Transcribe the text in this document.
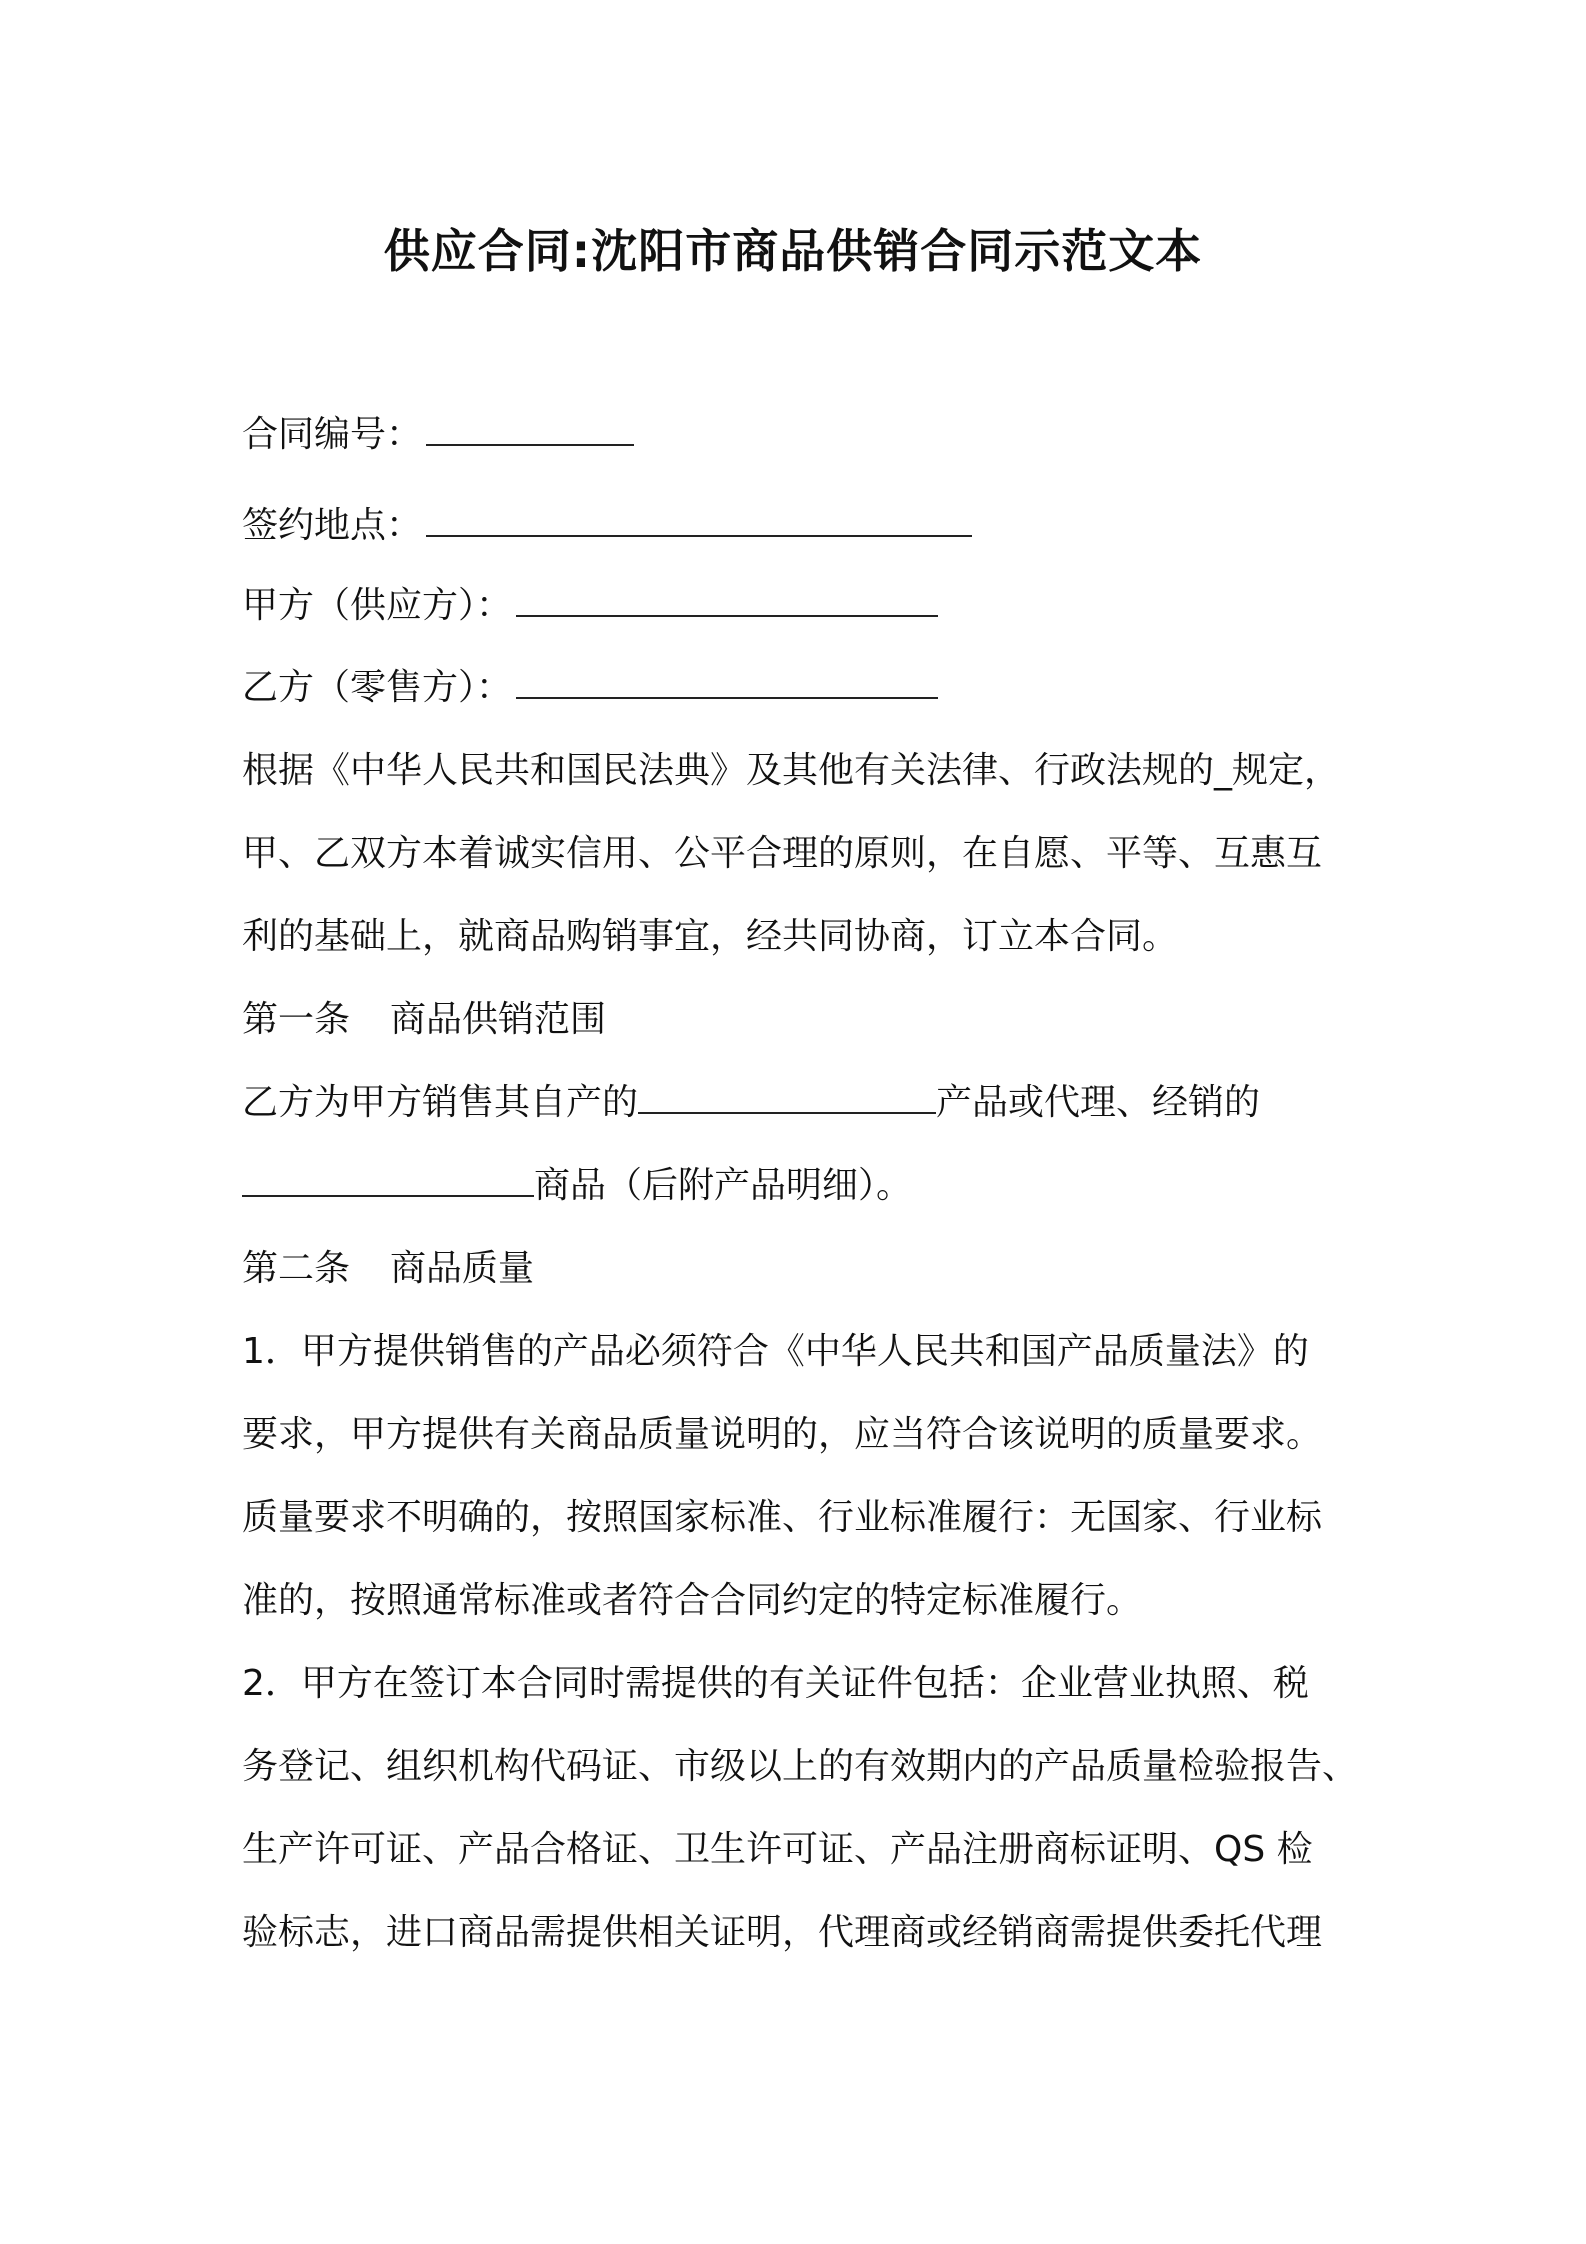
供应合同:沈阳市商品供销合同示范文本
合同编号：
签约地点：
甲方（供应方）：
乙方（零售方）：
根据《中华人民共和国民法典》及其他有关法律、行政法规的_规定，
甲、乙双方本着诚实信用、公平合理的原则，在自愿、平等、互惠互
利的基础上，就商品购销事宜，经共同协商，订立本合同。
第一条 商品供销范围
乙方为甲方销售其自产的	产品或代理、经销的
商品（后附产品明细）。
第二条 商品质量
1．甲方提供销售的产品必须符合《中华人民共和国产品质量法》的
要求，甲方提供有关商品质量说明的，应当符合该说明的质量要求。
质量要求不明确的，按照国家标准、行业标准履行：无国家、行业标
准的，按照通常标准或者符合合同约定的特定标准履行。
2．甲方在签订本合同时需提供的有关证件包括：企业营业执照、税
务登记、组织机构代码证、市级以上的有效期内的产品质量检验报告、
生产许可证、产品合格证、卫生许可证、产品注册商标证明、QS 检
验标志，进口商品需提供相关证明，代理商或经销商需提供委托代理
